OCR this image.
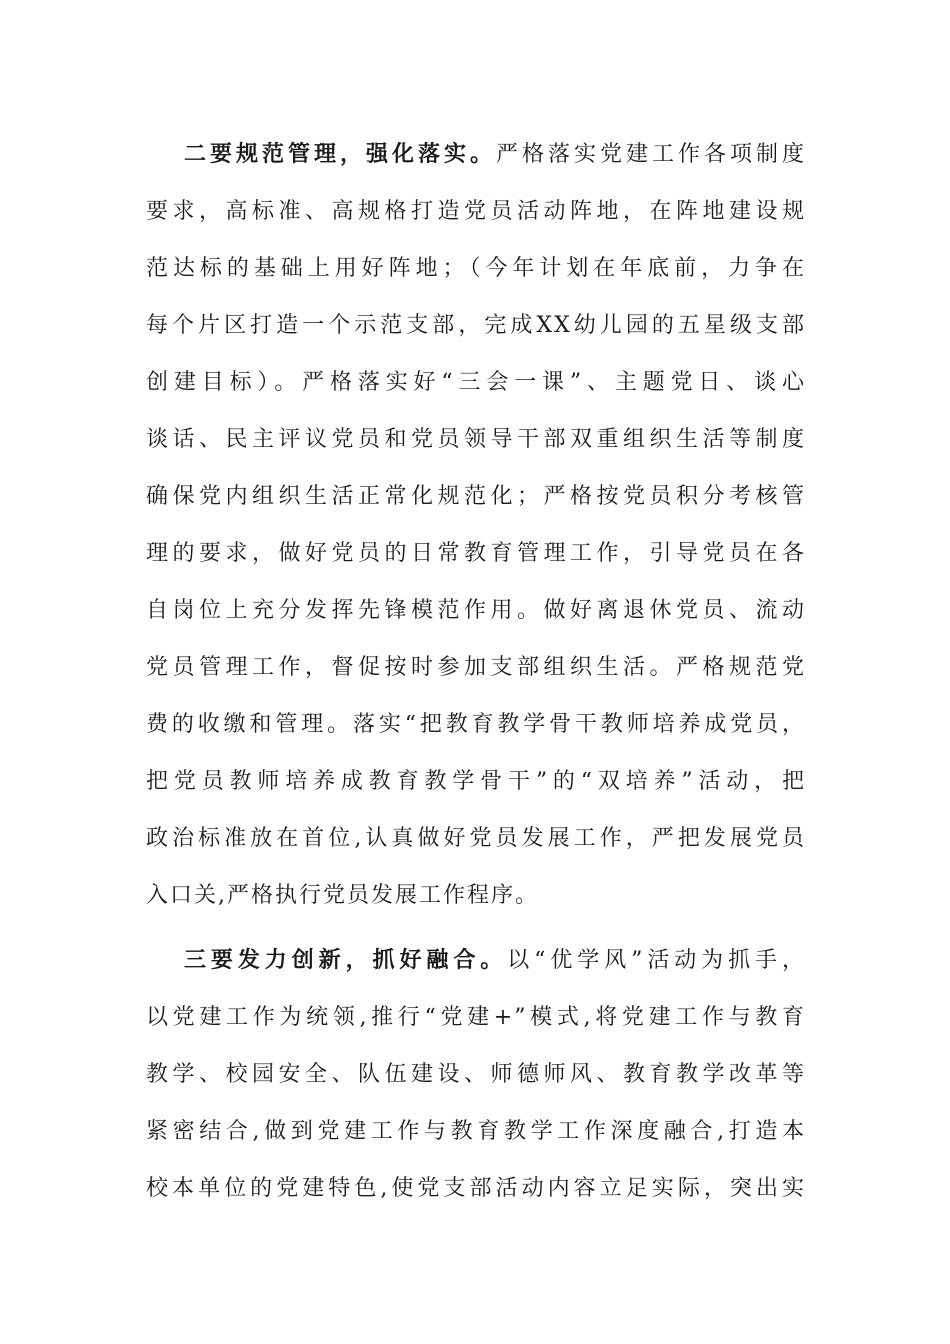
二要规范管理，强化落实。严格落实党建工作各项制度
要求，高标准、高规格打造党员活动阵地，在阵地建设规
范达标的基础上用好阵地；（今年计划在年底前，力争在
每个片区打造一个示范支部，完成XX幼儿园的五星级支部
创建目标）。严格落实好“三会一课”、主题党日、谈心
谈话、民主评议党员和党员领导干部双重组织生活等制度
确保党内组织生活正常化规范化；严格按党员积分考核管
理的要求，做好党员的日常教育管理工作，引导党员在各
自岗位上充分发挥先锋模范作用。做好离退休党员、流动
党员管理工作，督促按时参加支部组织生活。严格规范党
费的收缴和管理。落实“把教育教学骨干教师培养成党员，
把党员教师培养成教育教学骨干”的“双培养”活动，把
政治标准放在首位,认真做好党员发展工作，严把发展党员
入口关,严格执行党员发展工作程序。
三要发力创新，抓好融合。以“优学风”活动为抓手，
以党建工作为统领,推行“党建+”模式,将党建工作与教育
教学、校园安全、队伍建设、师德师风、教育教学改革等
紧密结合,做到党建工作与教育教学工作深度融合,打造本
校本单位的党建特色,使党支部活动内容立足实际，突出实
